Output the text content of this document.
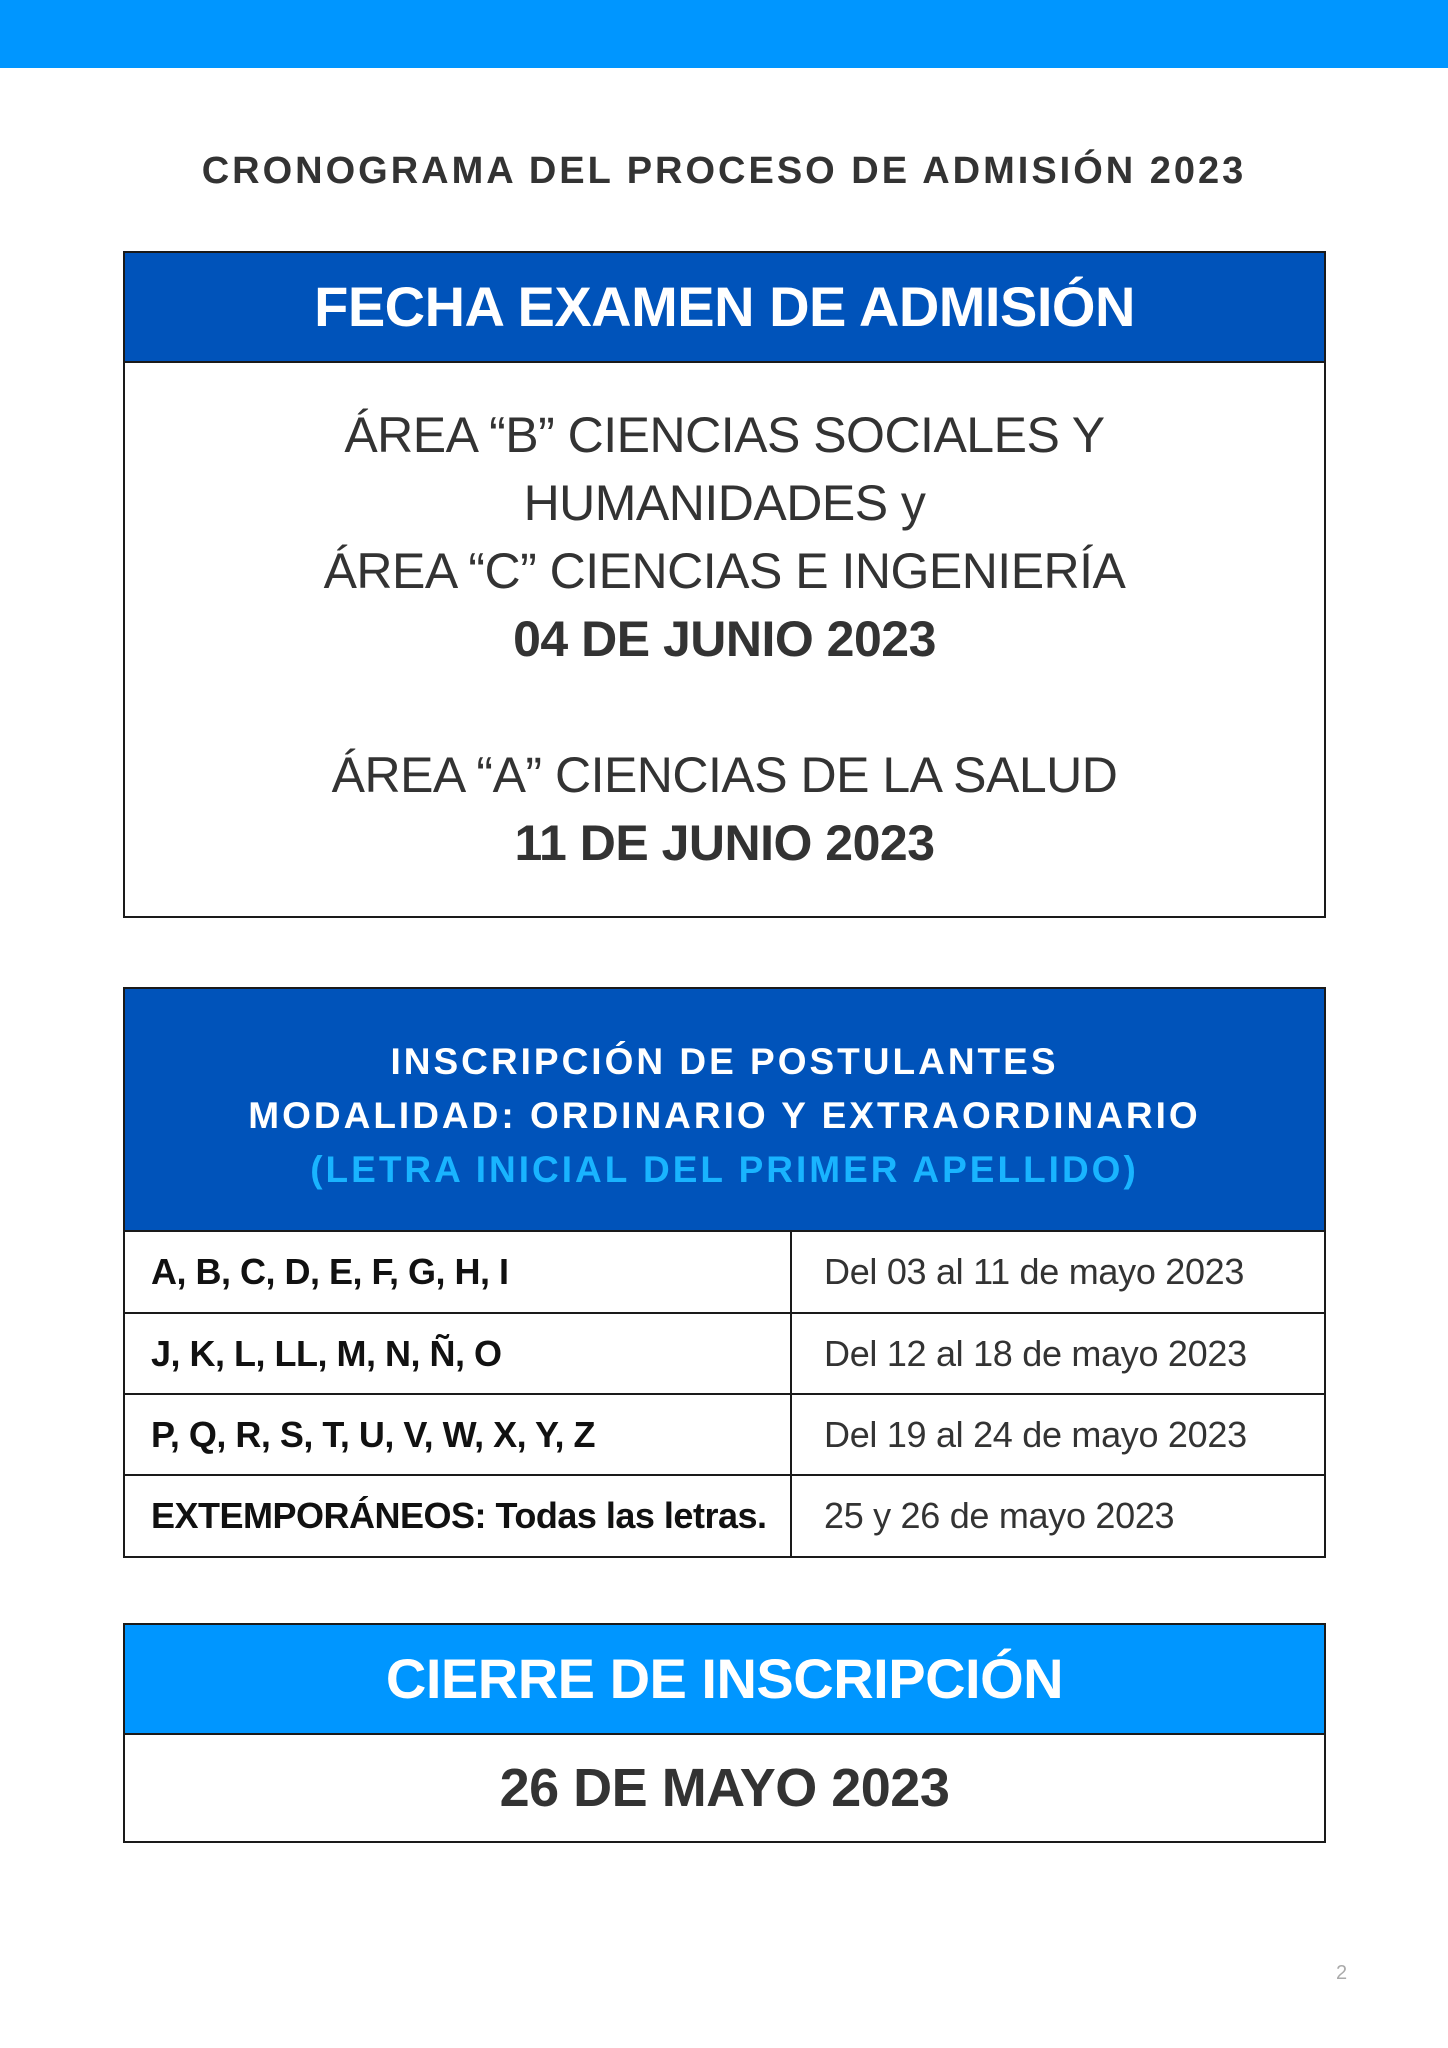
CRONOGRAMA DEL PROCESO DE ADMISIÓN 2023
FECHA EXAMEN DE ADMISIÓN
ÁREA “B” CIENCIAS SOCIALES Y
HUMANIDADES y
ÁREA “C” CIENCIAS E INGENIERÍA
04 DE JUNIO 2023
ÁREA “A” CIENCIAS DE LA SALUD
11 DE JUNIO 2023
INSCRIPCIÓN DE POSTULANTES
MODALIDAD: ORDINARIO Y EXTRAORDINARIO
(LETRA INICIAL DEL PRIMER APELLIDO)
A, B, C, D, E, F, G, H, I	Del 03 al 11 de mayo 2023
J, K, L, LL, M, N, Ñ, O	Del 12 al 18 de mayo 2023
P, Q, R, S, T, U, V, W, X, Y, Z	Del 19 al 24 de mayo 2023
EXTEMPORÁNEOS: Todas las letras.	25 y 26 de mayo 2023
CIERRE DE INSCRIPCIÓN
26 DE MAYO 2023
2
